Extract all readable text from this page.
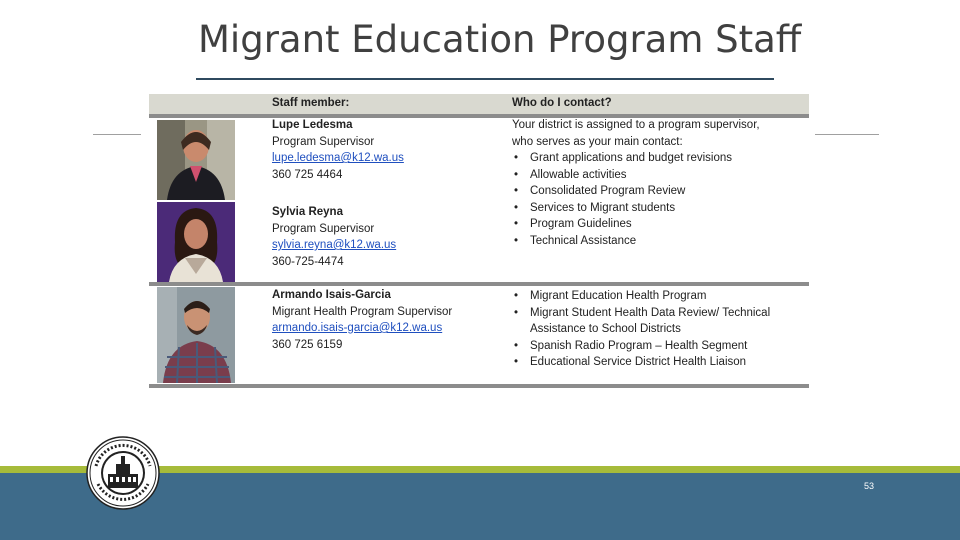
Migrant Education Program Staff
Staff member:	Who do I contact?
Lupe Ledesma
Program Supervisor
lupe.ledesma@k12.wa.us
360 725 4464
Sylvia Reyna
Program Supervisor
sylvia.reyna@k12.wa.us
360-725-4474
Armando Isais-Garcia
Migrant Health Program Supervisor
armando.isais-garcia@k12.wa.us
360 725 6159
Your district is assigned to a program supervisor,
who serves as your main contact:
• Grant applications and budget revisions
• Allowable activities
• Consolidated Program Review
• Services to Migrant students
• Program Guidelines
• Technical Assistance
• Migrant Education Health Program
• Migrant Student Health Data Review/ Technical
Assistance to School Districts
• Spanish Radio Program – Health Segment
• Educational Service District Health Liaison
53
